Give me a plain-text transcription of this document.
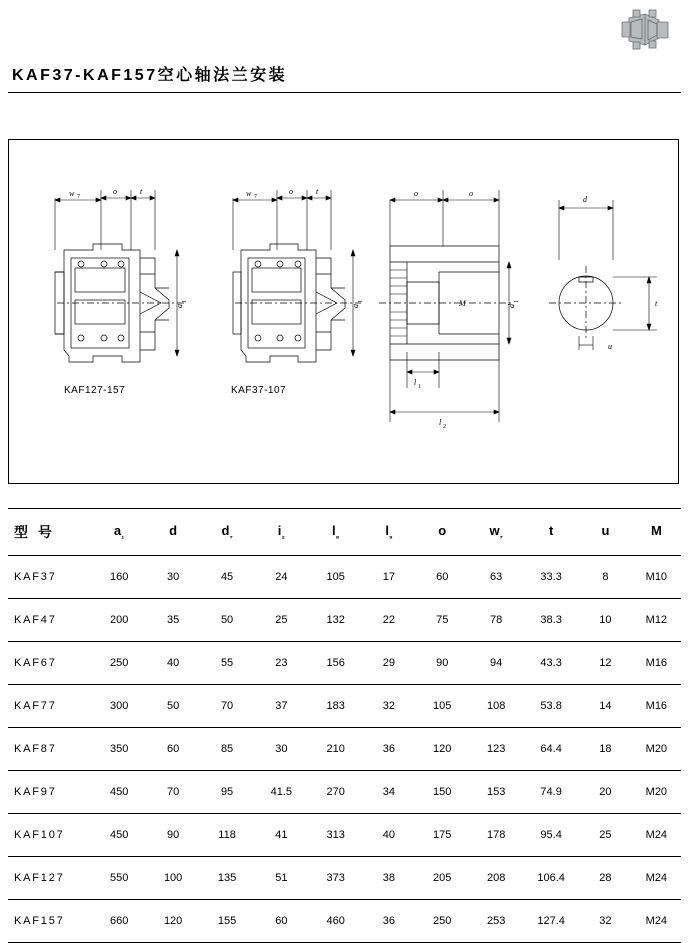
KAF37-KAF157空心轴法兰安装
w 7
o	t
a
1
w 7
o	t
a
1
o	o
M	d
1
l 1
l 2
d
t
u
KAF127-157	KAF37-107
型 号	$a_{_1}$	d	$d_{_7}$	$i_{_2}$	$l_{_8}$	$l_{_9}$	o	$w_{_7}$	t	u	M
KAF37	160	30	45	24	105	17	60	63	33.3	8	M10
KAF47	200	35	50	25	132	22	75	78	38.3	10	M12
KAF67	250	40	55	23	156	29	90	94	43.3	12	M16
KAF77	300	50	70	37	183	32	105	108	53.8	14	M16
KAF87	350	60	85	30	210	36	120	123	64.4	18	M20
KAF97	450	70	95	41.5	270	34	150	153	74.9	20	M20
KAF107	450	90	118	41	313	40	175	178	95.4	25	M24
KAF127	550	100	135	51	373	38	205	208	106.4	28	M24
KAF157	660	120	155	60	460	36	250	253	127.4	32	M24
